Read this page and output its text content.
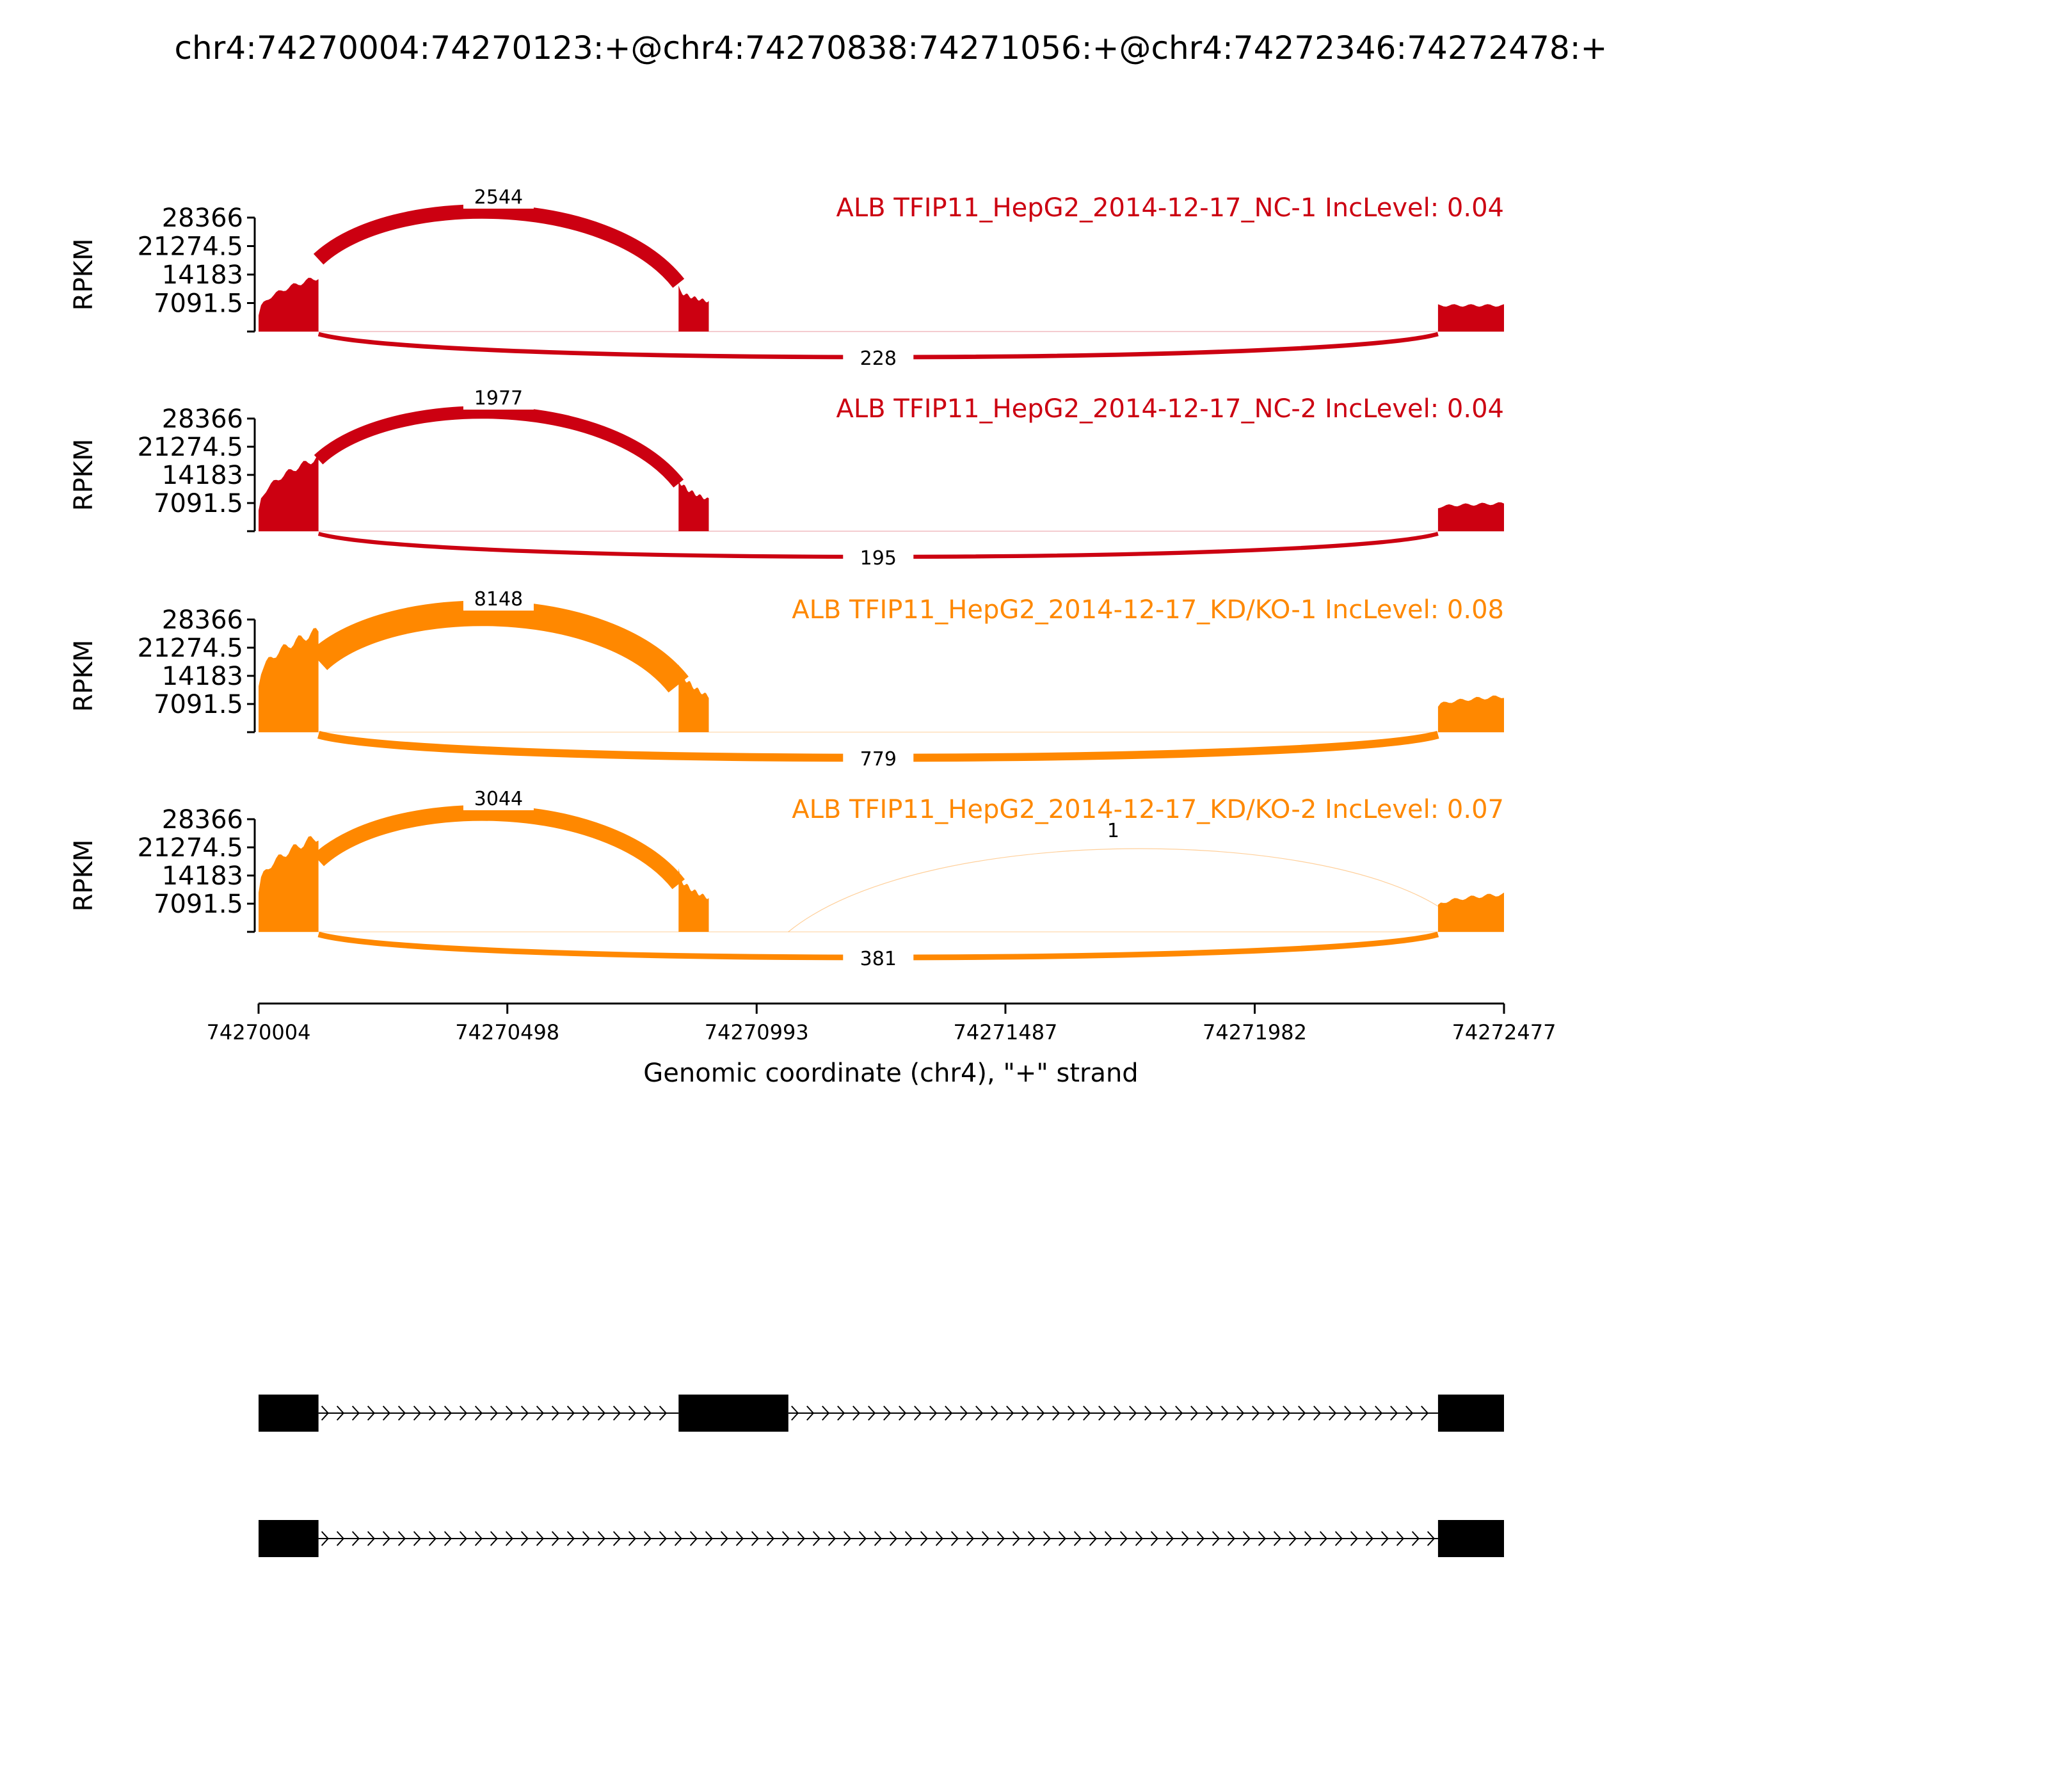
chr4:74270004:74270123:+@chr4:74270838:74271056:+@chr4:74272346:74272478:+
2544
228
7091.5
14183
21274.5
28366
RPKM
ALB TFIP11_HepG2_2014-12-17_NC-1 IncLevel: 0.04
1977
195
7091.5
14183
21274.5
28366
RPKM
ALB TFIP11_HepG2_2014-12-17_NC-2 IncLevel: 0.04
8148
779
7091.5
14183
21274.5
28366
RPKM
ALB TFIP11_HepG2_2014-12-17_KD/KO-1 IncLevel: 0.08
3044
1
381
7091.5
14183
21274.5
28366
RPKM
ALB TFIP11_HepG2_2014-12-17_KD/KO-2 IncLevel: 0.07
74270004	74270498	74270993	74271487	74271982	74272477
Genomic coordinate (chr4), "+" strand
